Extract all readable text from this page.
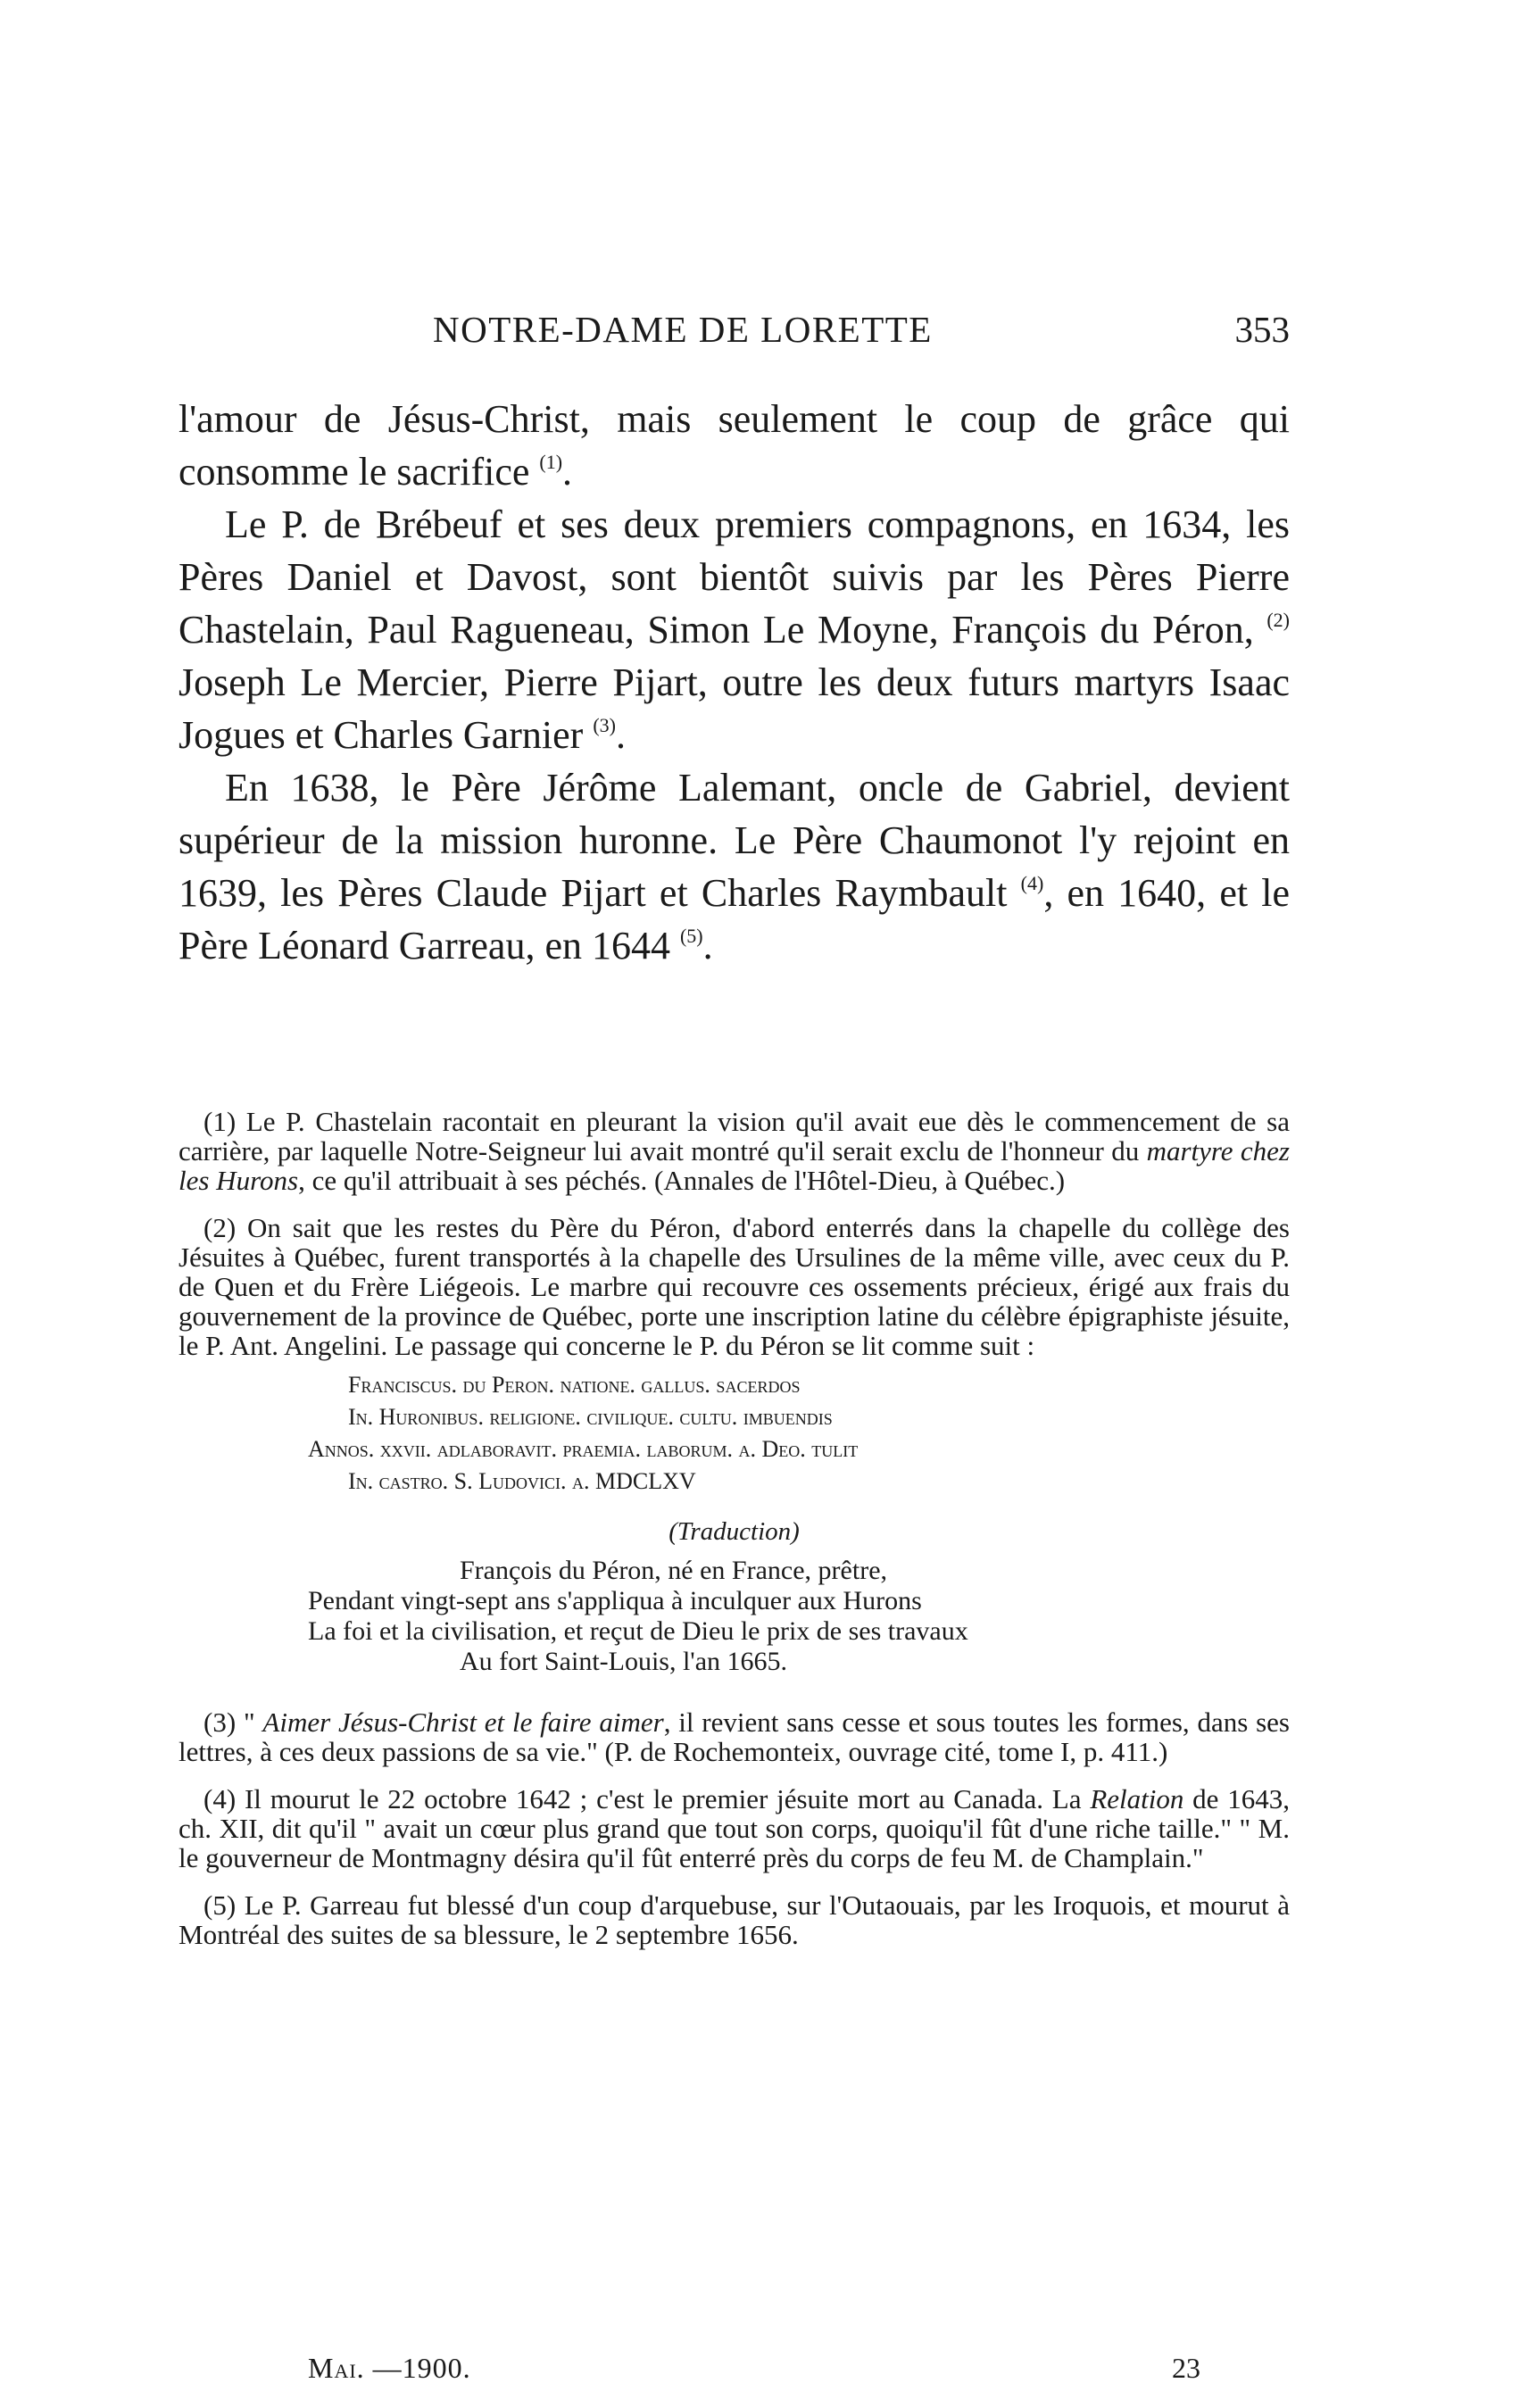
NOTRE-DAME DE LORETTE	353

l'amour de Jésus-Christ, mais seulement le coup de grâce qui consomme le sacrifice $^{(1)}$.

Le P. de Brébeuf et ses deux premiers compagnons, en 1634, les Pères Daniel et Davost, sont bientôt suivis par les Pères Pierre Chastelain, Paul Ragueneau, Simon Le Moyne, François du Péron, $^{(2)}$ Joseph Le Mercier, Pierre Pijart, outre les deux futurs martyrs Isaac Jogues et Charles Garnier $^{(3)}$.

En 1638, le Père Jérôme Lalemant, oncle de Gabriel, devient supérieur de la mission huronne. Le Père Chaumonot l'y rejoint en 1639, les Pères Claude Pijart et Charles Raymbault $^{(4)}$, en 1640, et le Père Léonard Garreau, en 1644 $^{(5)}$.

(1) Le P. Chastelain racontait en pleurant la vision qu'il avait eue dès le commencement de sa carrière, par laquelle Notre-Seigneur lui avait montré qu'il serait exclu de l'honneur du martyre chez les Hurons, ce qu'il attribuait à ses péchés. (Annales de l'Hôtel-Dieu, à Québec.)

(2) On sait que les restes du Père du Péron, d'abord enterrés dans la chapelle du collège des Jésuites à Québec, furent transportés à la chapelle des Ursulines de la même ville, avec ceux du P. de Quen et du Frère Liégeois. Le marbre qui recouvre ces ossements précieux, érigé aux frais du gouvernement de la province de Québec, porte une inscription latine du célèbre épigraphiste jésuite, le P. Ant. Angelini. Le passage qui concerne le P. du Péron se lit comme suit :
Franciscus. du Peron. natione. gallus. sacerdos
In. Huronibus. religione. civilique. cultu. imbuendis
Annos. xxvii. adlaboravit. praemia. laborum. a. Deo. tulit
In. castro. S. Ludovici. a. MDCLXV
(Traduction)
François du Péron, né en France, prêtre,
Pendant vingt-sept ans s'appliqua à inculquer aux Hurons
La foi et la civilisation, et reçut de Dieu le prix de ses travaux
Au fort Saint-Louis, l'an 1665.

(3) " Aimer Jésus-Christ et le faire aimer, il revient sans cesse et sous toutes les formes, dans ses lettres, à ces deux passions de sa vie." (P. de Rochemonteix, ouvrage cité, tome I, p. 411.)

(4) Il mourut le 22 octobre 1642 ; c'est le premier jésuite mort au Canada. La Relation de 1643, ch. XII, dit qu'il " avait un cœur plus grand que tout son corps, quoiqu'il fût d'une riche taille." " M. le gouverneur de Montmagny désira qu'il fût enterré près du corps de feu M. de Champlain."

(5) Le P. Garreau fut blessé d'un coup d'arquebuse, sur l'Outaouais, par les Iroquois, et mourut à Montréal des suites de sa blessure, le 2 septembre 1656.

Mai. —1900.	23
